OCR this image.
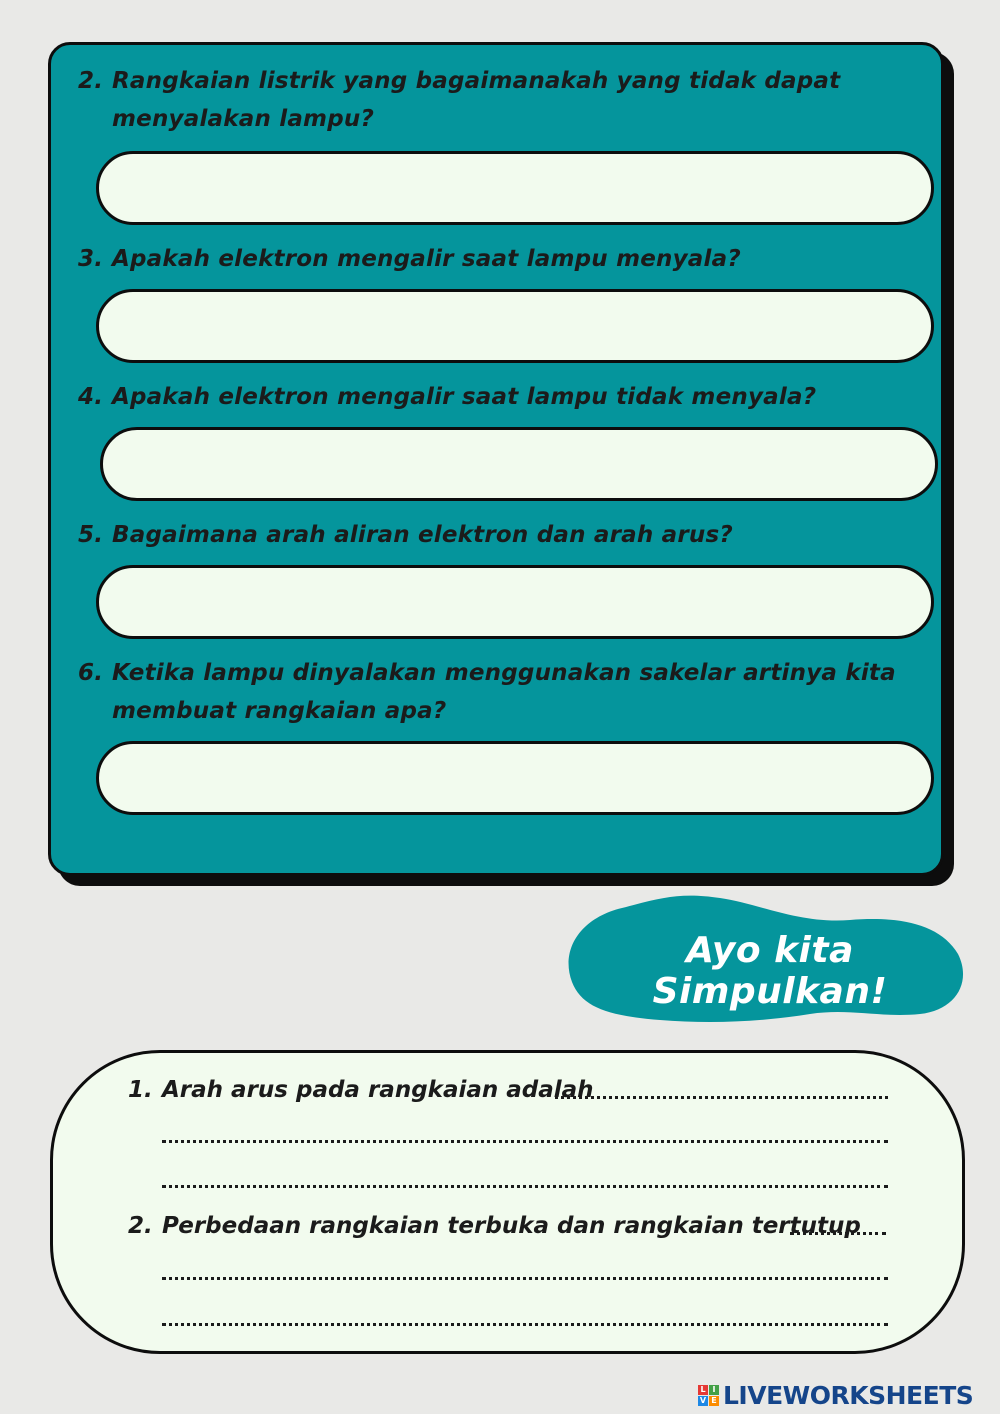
2. Rangkaian listrik yang bagaimanakah yang tidak dapat menyalakan lampu?
3. Apakah elektron mengalir saat lampu menyala?
4. Apakah elektron mengalir saat lampu tidak menyala?
5. Bagaimana arah aliran elektron dan arah arus?
6. Ketika lampu dinyalakan menggunakan sakelar artinya kita membuat rangkaian apa?
Ayo kita Simpulkan!
1. Arah arus pada rangkaian adalah
2. Perbedaan rangkaian terbuka dan rangkaian tertutup
L I
V E LIVEWORKSHEETS
